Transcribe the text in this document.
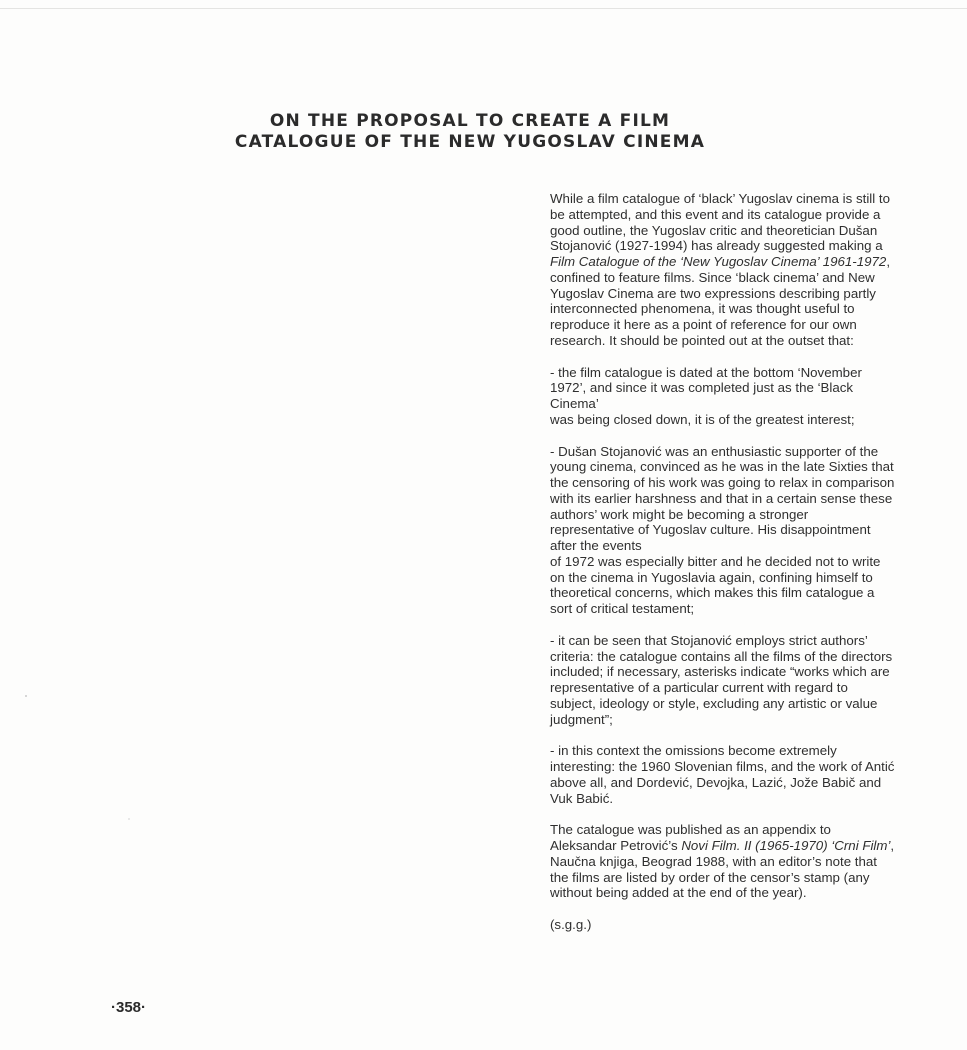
ON THE PROPOSAL TO CREATE A FILM
CATALOGUE OF THE NEW YUGOSLAV CINEMA

While a film catalogue of ‘black’ Yugoslav cinema is still to be attempted, and this event and its catalogue provide a good outline, the Yugoslav critic and theoretician Dušan Stojanović (1927-1994) has already suggested making a Film Catalogue of the ‘New Yugoslav Cinema’ 1961-1972, confined to feature films. Since ‘black cinema’ and New Yugoslav Cinema are two expressions describing partly interconnected phenomena, it was thought useful to reproduce it here as a point of reference for our own research. It should be pointed out at the outset that:

- the film catalogue is dated at the bottom ‘November 1972’, and since it was completed just as the ‘Black Cinema’

was being closed down, it is of the greatest interest;

- Dušan Stojanović was an enthusiastic supporter of the young cinema, convinced as he was in the late Sixties that

the censoring of his work was going to relax in comparison with its earlier harshness and that in a certain sense these authors’ work might be becoming a stronger representative of Yugoslav culture. His disappointment after the events

of 1972 was especially bitter and he decided not to write on the cinema in Yugoslavia again, confining himself to theoretical concerns, which makes this film catalogue a sort of critical testament;

- it can be seen that Stojanović employs strict authors’ criteria: the catalogue contains all the films of the directors included; if necessary, asterisks indicate “works which are representative of a particular current with regard to subject, ideology or style, excluding any artistic or value judgment”;

- in this context the omissions become extremely interesting: the 1960 Slovenian films, and the work of Antić above all, and Dordević, Devojka, Lazić, Jože Babič and Vuk Babić.

The catalogue was published as an appendix to Aleksandar Petrović’s Novi Film. II (1965-1970) ‘Crni Film’, Naučna knjiga, Beograd 1988, with an editor’s note that the films are listed by order of the censor’s stamp (any without being added at the end of the year).

(s.g.g.)

·358·
